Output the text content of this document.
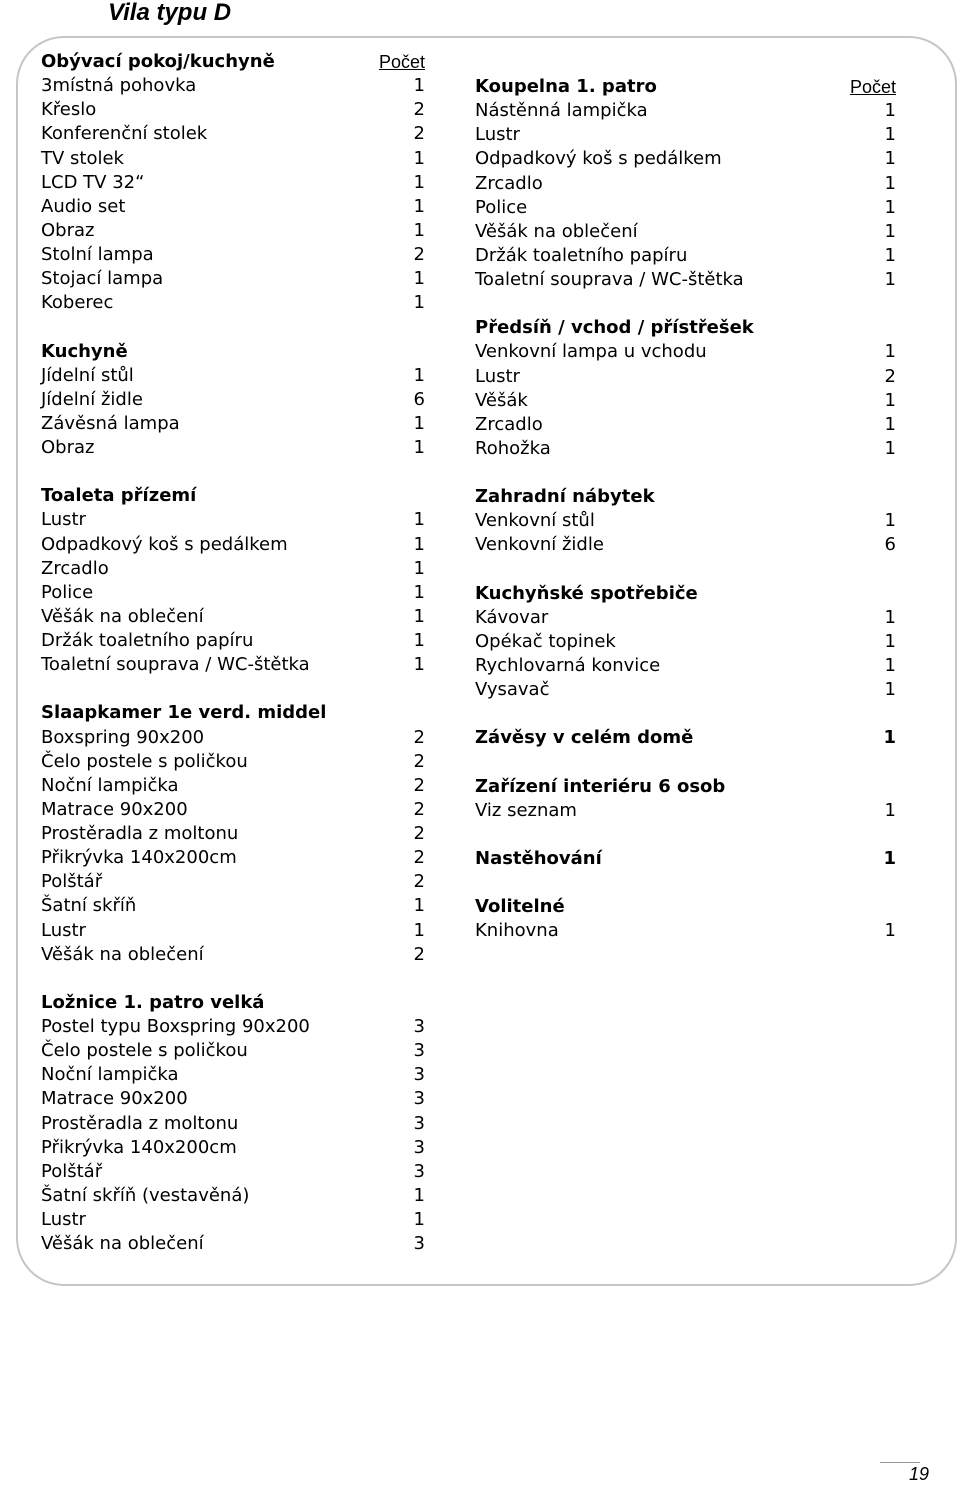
Vila typu D
Obývací pokoj/kuchyně	Počet
3místná pohovka	1
Křeslo	2
Konferenční stolek	2
TV stolek	1
LCD TV 32“	1
Audio set	1
Obraz	1
Stolní lampa	2
Stojací lampa	1
Koberec	1
Kuchyně
Jídelní stůl	1
Jídelní židle	6
Závěsná lampa	1
Obraz	1
Toaleta přízemí
Lustr	1
Odpadkový koš s pedálkem	1
Zrcadlo	1
Police	1
Věšák na oblečení	1
Držák toaletního papíru	1
Toaletní souprava / WC-štětka	1
Slaapkamer 1e verd. middel
Boxspring 90x200	2
Čelo postele s poličkou	2
Noční lampička	2
Matrace 90x200	2
Prostěradla z moltonu	2
Přikrývka 140x200cm	2
Polštář	2
Šatní skříň	1
Lustr	1
Věšák na oblečení	2
Ložnice 1. patro velká
Postel typu Boxspring 90x200	3
Čelo postele s poličkou	3
Noční lampička	3
Matrace 90x200	3
Prostěradla z moltonu	3
Přikrývka 140x200cm	3
Polštář	3
Šatní skříň (vestavěná)	1
Lustr	1
Věšák na oblečení	3
Koupelna 1. patro	Počet
Nástěnná lampička	1
Lustr	1
Odpadkový koš s pedálkem	1
Zrcadlo	1
Police	1
Věšák na oblečení	1
Držák toaletního papíru	1
Toaletní souprava / WC-štětka	1
Předsíň / vchod / přístřešek
Venkovní lampa u vchodu	1
Lustr	2
Věšák	1
Zrcadlo	1
Rohožka	1
Zahradní nábytek
Venkovní stůl	1
Venkovní židle	6
Kuchyňské spotřebiče
Kávovar	1
Opékač topinek	1
Rychlovarná konvice	1
Vysavač	1
Závěsy v celém domě	1
Zařízení interiéru 6 osob
Viz seznam	1
Nastěhování	1
Volitelné
Knihovna	1
19
